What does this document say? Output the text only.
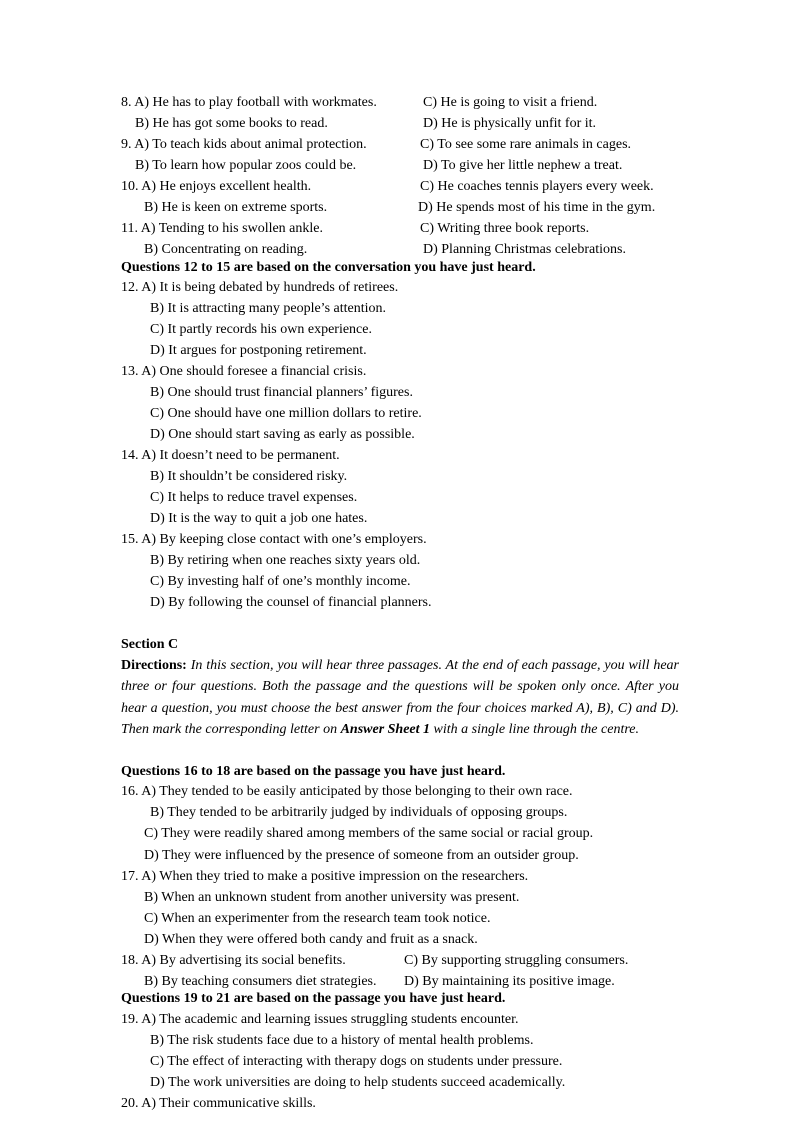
8. A) He has to play football with workmates.	C) He is going to visit a friend.
B) He has got some books to read.	D) He is physically unfit for it.
9. A) To teach kids about animal protection.	C) To see some rare animals in cages.
B) To learn how popular zoos could be.	D) To give her little nephew a treat.
10. A) He enjoys excellent health.	C) He coaches tennis players every week.
B) He is keen on extreme sports.	D) He spends most of his time in the gym.
11. A) Tending to his swollen ankle.	C) Writing three book reports.
B) Concentrating on reading.	D) Planning Christmas celebrations.
Questions 12 to 15 are based on the conversation you have just heard.
12. A) It is being debated by hundreds of retirees.
B) It is attracting many people’s attention.
C) It partly records his own experience.
D) It argues for postponing retirement.
13. A) One should foresee a financial crisis.
B) One should trust financial planners’ figures.
C) One should have one million dollars to retire.
D) One should start saving as early as possible.
14. A) It doesn’t need to be permanent.
B) It shouldn’t be considered risky.
C) It helps to reduce travel expenses.
D) It is the way to quit a job one hates.
15. A) By keeping close contact with one’s employers.
B) By retiring when one reaches sixty years old.
C) By investing half of one’s monthly income.
D) By following the counsel of financial planners.
Section C
Directions: In this section, you will hear three passages. At the end of each passage, you will hear three or four questions. Both the passage and the questions will be spoken only once. After you hear a question, you must choose the best answer from the four choices marked A), B), C) and D). Then mark the corresponding letter on Answer Sheet 1 with a single line through the centre.
Questions 16 to 18 are based on the passage you have just heard.
16. A) They tended to be easily anticipated by those belonging to their own race.
B) They tended to be arbitrarily judged by individuals of opposing groups.
C) They were readily shared among members of the same social or racial group.
D) They were influenced by the presence of someone from an outsider group.
17. A) When they tried to make a positive impression on the researchers.
B) When an unknown student from another university was present.
C) When an experimenter from the research team took notice.
D) When they were offered both candy and fruit as a snack.
18. A) By advertising its social benefits.	C) By supporting struggling consumers.
B) By teaching consumers diet strategies. D) By maintaining its positive image.
Questions 19 to 21 are based on the passage you have just heard.
19. A) The academic and learning issues struggling students encounter.
B) The risk students face due to a history of mental health problems.
C) The effect of interacting with therapy dogs on students under pressure.
D) The work universities are doing to help students succeed academically.
20. A) Their communicative skills.
